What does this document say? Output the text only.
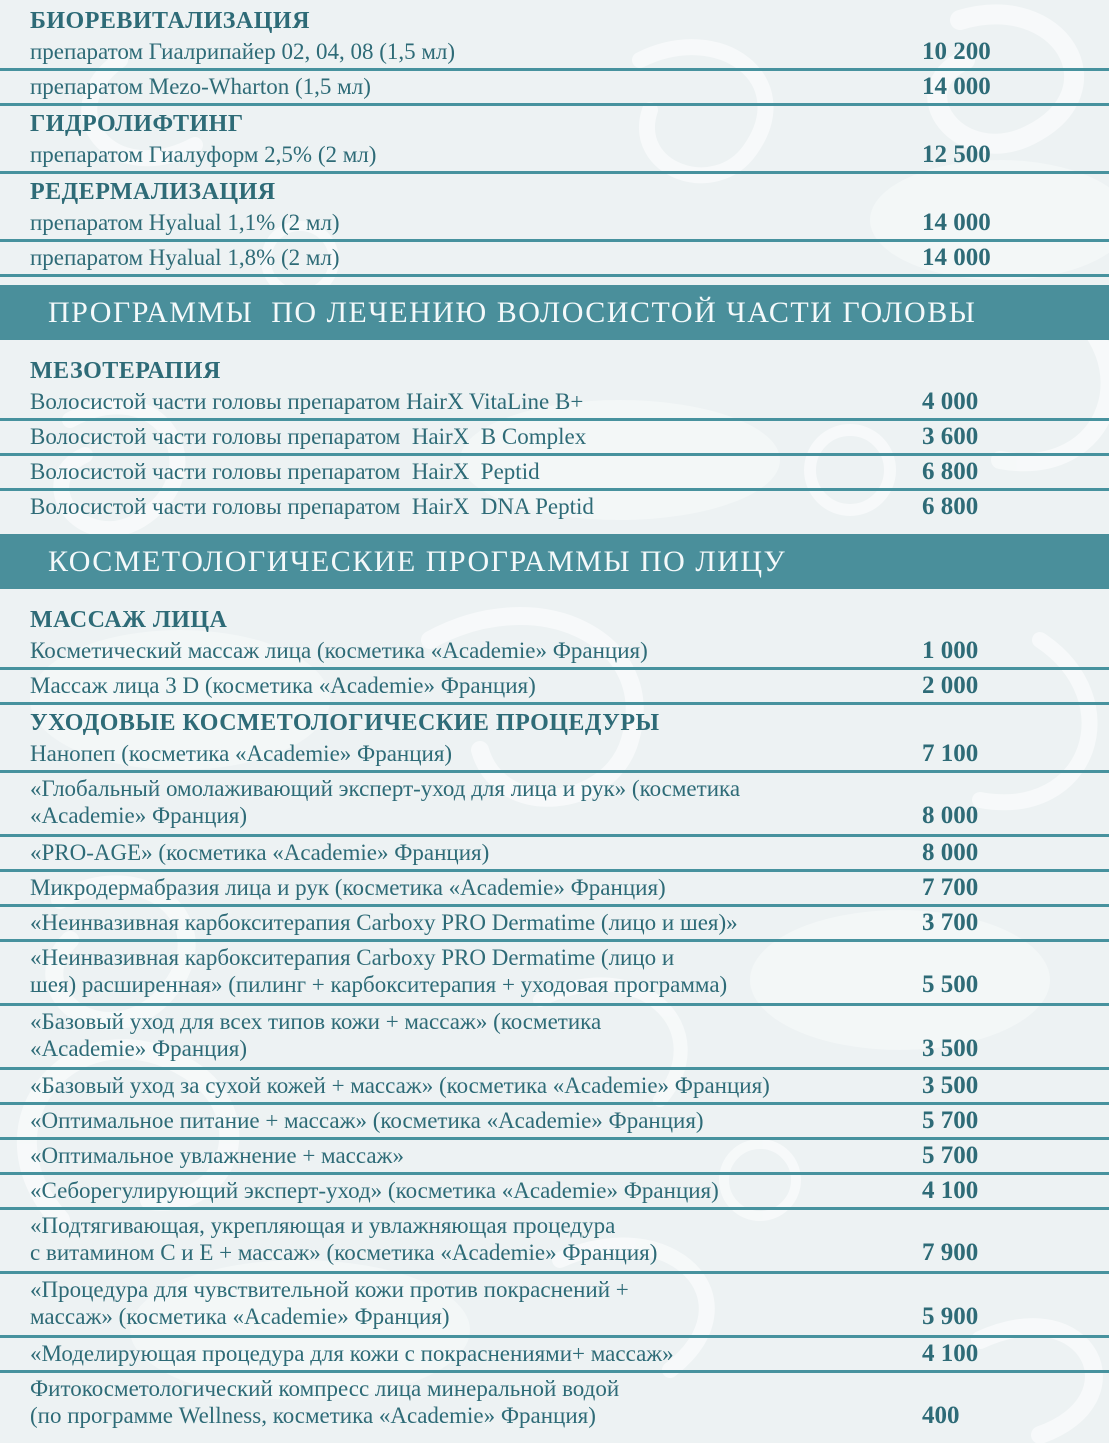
БИОРЕВИТАЛИЗАЦИЯ
препаратом Гиалрипайер 02, 04, 08 (1,5 мл)	10 200
препаратом Mezo-Wharton (1,5 мл)	14 000
ГИДРОЛИФТИНГ
препаратом Гиалуформ 2,5% (2 мл)	12 500
РЕДЕРМАЛИЗАЦИЯ
препаратом Hyalual 1,1% (2 мл)	14 000
препаратом Hyalual 1,8% (2 мл)	14 000
ПРОГРАММЫ  ПО ЛЕЧЕНИЮ ВОЛОСИСТОЙ ЧАСТИ ГОЛОВЫ
МЕЗОТЕРАПИЯ
Волосистой части головы препаратом HairX VitaLine B+	4 000
Волосистой части головы препаратом  HairX  B Complex	3 600
Волосистой части головы препаратом  HairX  Peptid	6 800
Волосистой части головы препаратом  HairX  DNA Peptid	6 800
КОСМЕТОЛОГИЧЕСКИЕ ПРОГРАММЫ ПО ЛИЦУ
МАССАЖ ЛИЦА
Косметический массаж лица (косметика «Academie» Франция)	1 000
Массаж лица 3 D (косметика «Academie» Франция)	2 000
УХОДОВЫЕ КОСМЕТОЛОГИЧЕСКИЕ ПРОЦЕДУРЫ
Нанопеп (косметика «Academie» Франция)	7 100
«Глобальный омолаживающий эксперт-уход для лица и рук» (косметика
«Academie» Франция)	8 000
«PRO-AGE» (косметика «Academie» Франция)	8 000
Микродермабразия лица и рук (косметика «Academie» Франция)	7 700
«Неинвазивная карбокситерапия Carboxy PRO Dermatime (лицо и шея)»	3 700
«Неинвазивная карбокситерапия Carboxy PRO Dermatime (лицо и
шея) расширенная» (пилинг + карбокситерапия + уходовая программа)	5 500
«Базовый уход для всех типов кожи + массаж» (косметика
«Academie» Франция)	3 500
«Базовый уход за сухой кожей + массаж» (косметика «Academie» Франция)	3 500
«Оптимальное питание + массаж» (косметика «Academie» Франция)	5 700
«Оптимальное увлажнение + массаж»	5 700
«Себорегулирующий эксперт-уход» (косметика «Academie» Франция)	4 100
«Подтягивающая, укрепляющая и увлажняющая процедура
с витамином С и Е + массаж» (косметика «Academie» Франция)	7 900
«Процедура для чувствительной кожи против покраснений +
массаж» (косметика «Academie» Франция)	5 900
«Моделирующая процедура для кожи с покраснениями+ массаж»	4 100
Фитокосметологический компресс лица минеральной водой
(по программе Wellness, косметика «Academie» Франция)	400
